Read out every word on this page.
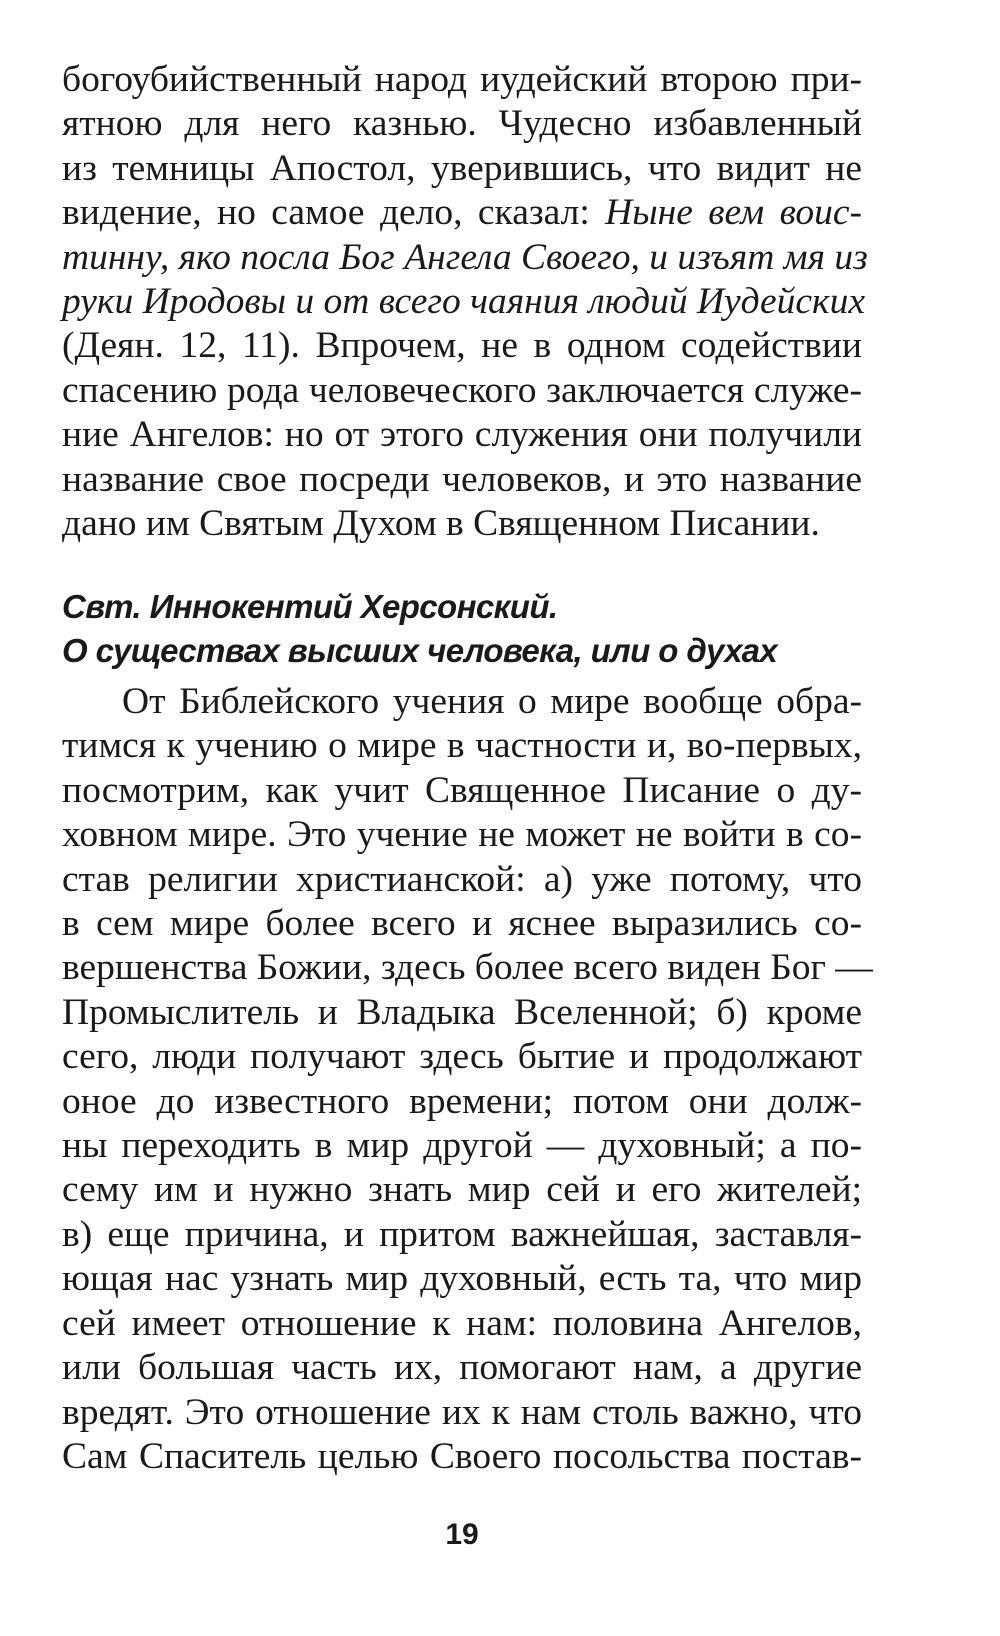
богоубийственный народ иудейский второю при-
ятною для него казнью. Чудесно избавленный
из темницы Апостол, уверившись, что видит не
видение, но самое дело, сказал: Ныне вем воис-
тинну, яко посла Бог Ангела Своего, и изъят мя из
руки Иродовы и от всего чаяния людий Иудейских
(Деян. 12, 11). Впрочем, не в одном содействии
спасению рода человеческого заключается служе-
ние Ангелов: но от этого служения они получили
название свое посреди человеков, и это название
дано им Святым Духом в Священном Писании.
Свт. Иннокентий Херсонский.
О существах высших человека, или о духах
От Библейского учения о мире вообще обра-
тимся к учению о мире в частности и, во-первых,
посмотрим, как учит Священное Писание о ду-
ховном мире. Это учение не может не войти в со-
став религии христианской: а) уже потому, что
в сем мире более всего и яснее выразились со-
вершенства Божии, здесь более всего виден Бог —
Промыслитель и Владыка Вселенной; б) кроме
сего, люди получают здесь бытие и продолжают
оное до известного времени; потом они долж-
ны переходить в мир другой — духовный; а по-
сему им и нужно знать мир сей и его жителей;
в) еще причина, и притом важнейшая, заставля-
ющая нас узнать мир духовный, есть та, что мир
сей имеет отношение к нам: половина Ангелов,
или большая часть их, помогают нам, а другие
вредят. Это отношение их к нам столь важно, что
Сам Спаситель целью Своего посольства постав-
19
